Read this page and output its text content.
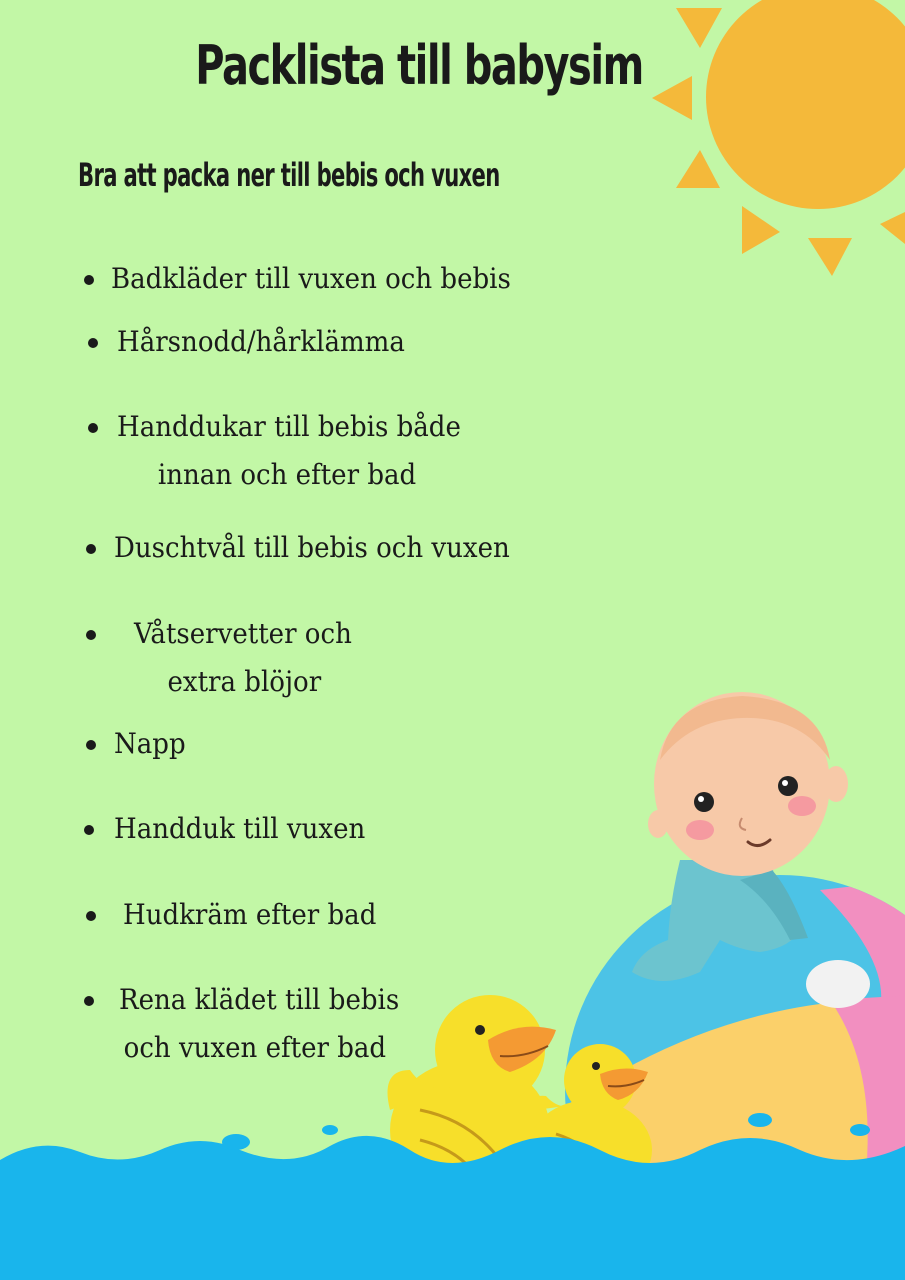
Packlista till babysim
Bra att packa ner till bebis och vuxen
Badkläder till vuxen och bebis
Hårsnodd/hårklämma
Handdukar till bebis både
innan och efter bad
Duschtvål till bebis och vuxen
Våtservetter och
extra blöjor
Napp
Handduk till vuxen
Hudkräm efter bad
Rena klädet till bebis
och vuxen efter bad
